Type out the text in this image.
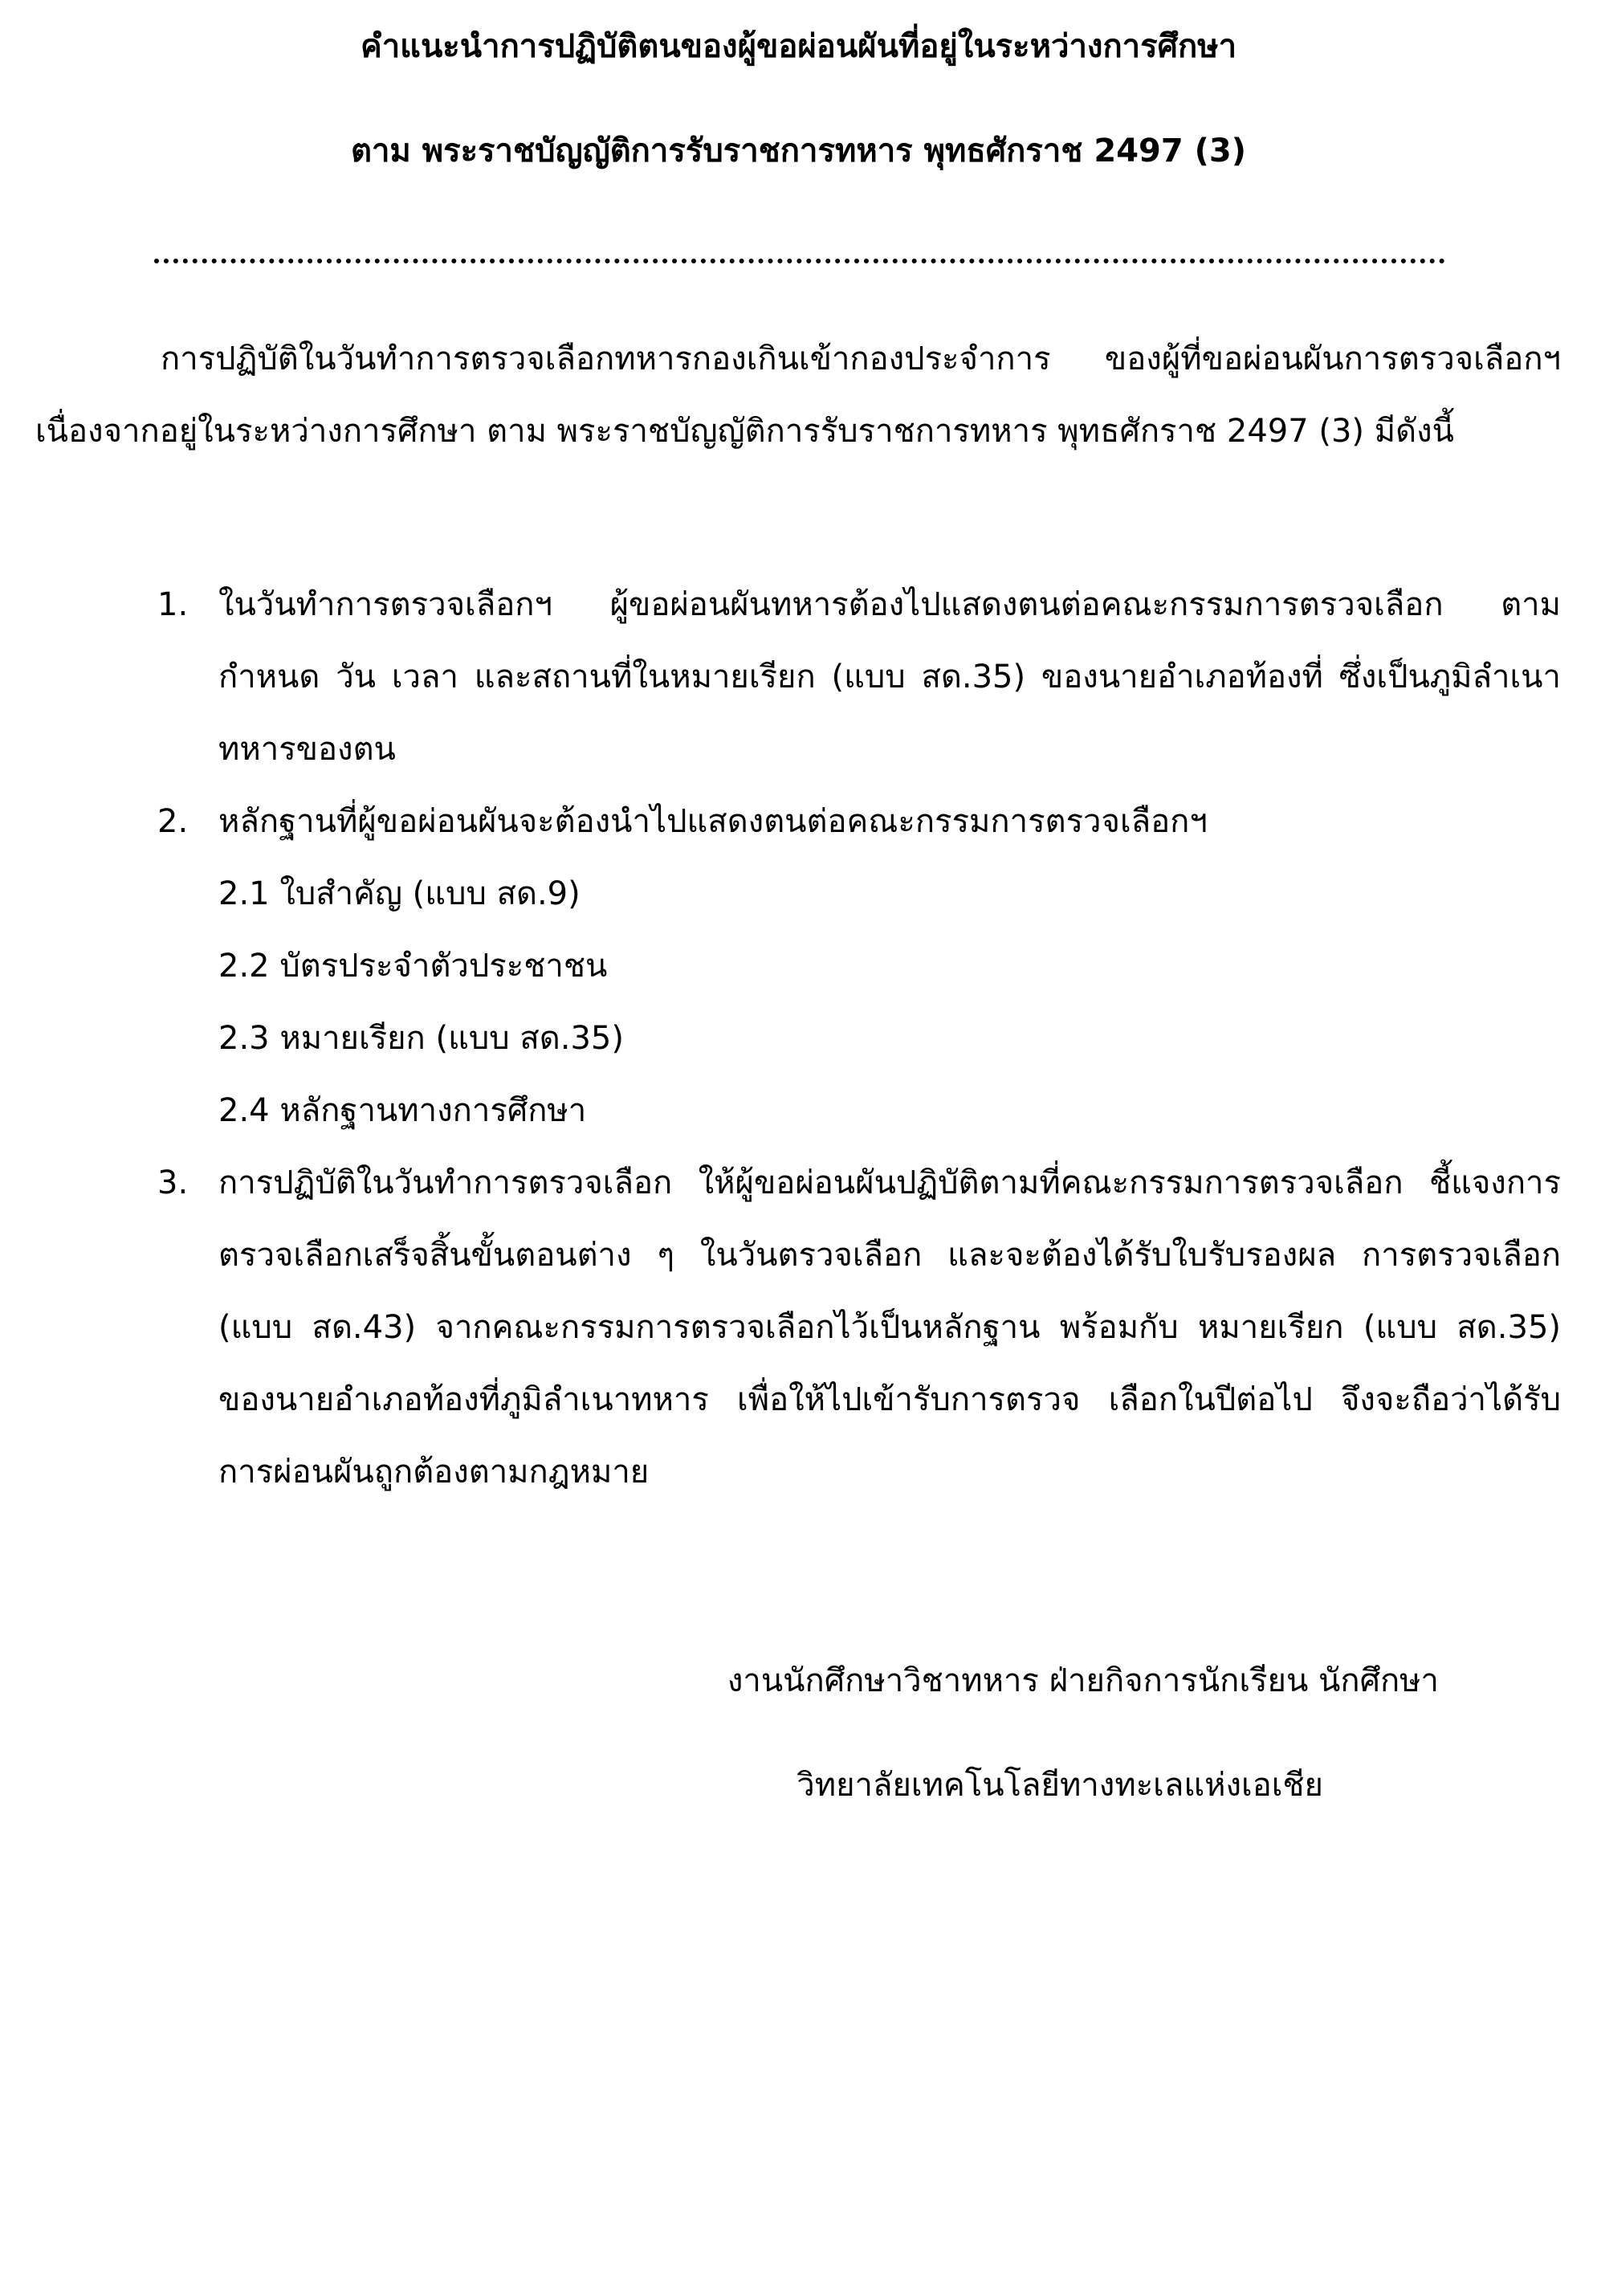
คำแนะนำการปฏิบัติตนของผู้ขอผ่อนผันที่อยู่ในระหว่างการศึกษา
ตาม พระราชบัญญัติการรับราชการทหาร พุทธศักราช 2497 (3)
การปฏิบัติในวันทำการตรวจเลือกทหารกองเกินเข้ากองประจำการ ของผู้ที่ขอผ่อนผันการตรวจเลือกฯ เนื่องจากอยู่ในระหว่างการศึกษา ตาม พระราชบัญญัติการรับราชการทหาร พุทธศักราช 2497 (3) มีดังนี้
1. ในวันทำการตรวจเลือกฯ ผู้ขอผ่อนผันทหารต้องไปแสดงตนต่อคณะกรรมการตรวจเลือก ตามกำหนด วัน เวลา และสถานที่ในหมายเรียก (แบบ สด.35) ของนายอำเภอท้องที่ ซึ่งเป็นภูมิลำเนาทหารของตน
2. หลักฐานที่ผู้ขอผ่อนผันจะต้องนำไปแสดงตนต่อคณะกรรมการตรวจเลือกฯ
2.1 ใบสำคัญ (แบบ สด.9)
2.2 บัตรประจำตัวประชาชน
2.3 หมายเรียก (แบบ สด.35)
2.4 หลักฐานทางการศึกษา
3. การปฏิบัติในวันทำการตรวจเลือก ให้ผู้ขอผ่อนผันปฏิบัติตามที่คณะกรรมการตรวจเลือก ชี้แจงการตรวจเลือกเสร็จสิ้นขั้นตอนต่าง ๆ ในวันตรวจเลือก และจะต้องได้รับใบรับรองผล การตรวจเลือก (แบบ สด.43) จากคณะกรรมการตรวจเลือกไว้เป็นหลักฐาน พร้อมกับ หมายเรียก (แบบ สด.35) ของนายอำเภอท้องที่ภูมิลำเนาทหาร เพื่อให้ไปเข้ารับการตรวจ เลือกในปีต่อไป จึงจะถือว่าได้รับการผ่อนผันถูกต้องตามกฎหมาย
งานนักศึกษาวิชาทหาร ฝ่ายกิจการนักเรียน นักศึกษา
วิทยาลัยเทคโนโลยีทางทะเลแห่งเอเชีย
